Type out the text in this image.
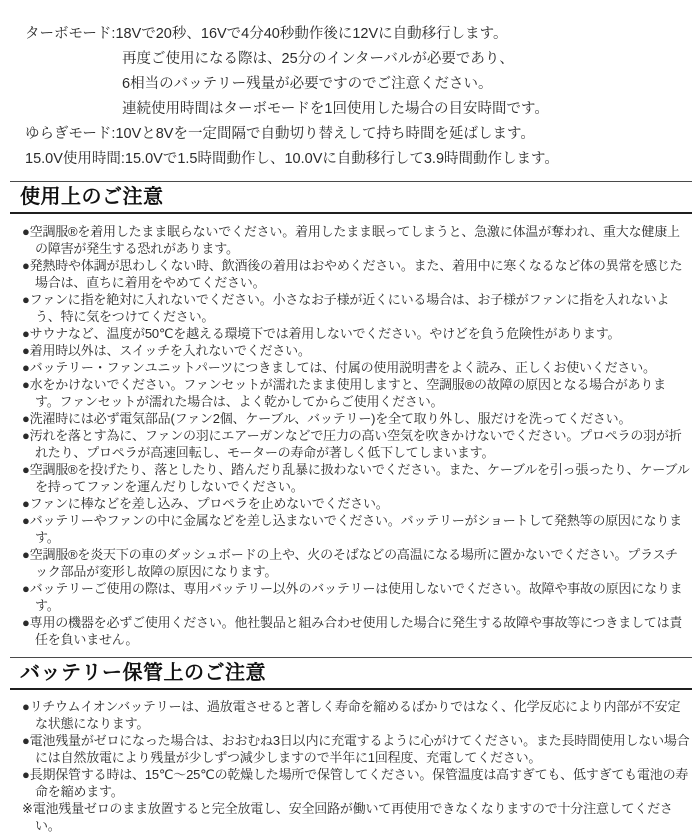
ターボモード:18Vで20秒、16Vで4分40秒動作後に12Vに自動移行します。
再度ご使用になる際は、25分のインターバルが必要であり、
6相当のバッテリー残量が必要ですのでご注意ください。
連続使用時間はターボモードを1回使用した場合の目安時間です。
ゆらぎモード:10Vと8Vを一定間隔で自動切り替えして持ち時間を延ばします。
15.0V使用時間:15.0Vで1.5時間動作し、10.0Vに自動移行して3.9時間動作します。
使用上のご注意
●空調服®を着用したまま眠らないでください。着用したまま眠ってしまうと、急激に体温が奪われ、重大な健康上の障害が発生する恐れがあります。
●発熱時や体調が思わしくない時、飲酒後の着用はおやめください。また、着用中に寒くなるなど体の異常を感じた場合は、直ちに着用をやめてください。
●ファンに指を絶対に入れないでください。小さなお子様が近くにいる場合は、お子様がファンに指を入れないよう、特に気をつけてください。
●サウナなど、温度が50℃を越える環境下では着用しないでください。やけどを負う危険性があります。
●着用時以外は、スイッチを入れないでください。
●バッテリー・ファンユニットパーツにつきましては、付属の使用説明書をよく読み、正しくお使いください。
●水をかけないでください。ファンセットが濡れたまま使用しますと、空調服®の故障の原因となる場合があります。ファンセットが濡れた場合は、よく乾かしてからご使用ください。
●洗濯時には必ず電気部品(ファン2個、ケーブル、バッテリー)を全て取り外し、服だけを洗ってください。
●汚れを落とす為に、ファンの羽にエアーガンなどで圧力の高い空気を吹きかけないでください。プロペラの羽が折れたり、プロペラが高速回転し、モーターの寿命が著しく低下してしまいます。
●空調服®を投げたり、落としたり、踏んだり乱暴に扱わないでください。また、ケーブルを引っ張ったり、ケーブルを持ってファンを運んだりしないでください。
●ファンに棒などを差し込み、プロペラを止めないでください。
●バッテリーやファンの中に金属などを差し込まないでください。バッテリーがショートして発熱等の原因になります。
●空調服®を炎天下の車のダッシュボードの上や、火のそばなどの高温になる場所に置かないでください。プラスチック部品が変形し故障の原因になります。
●バッテリーご使用の際は、専用バッテリー以外のバッテリーは使用しないでください。故障や事故の原因になります。
●専用の機器を必ずご使用ください。他社製品と組み合わせ使用した場合に発生する故障や事故等につきましては責任を負いません。
バッテリー保管上のご注意
●リチウムイオンバッテリーは、過放電させると著しく寿命を縮めるばかりではなく、化学反応により内部が不安定な状態になります。
●電池残量がゼロになった場合は、おおむね3日以内に充電するように心がけてください。また長時間使用しない場合には自然放電により残量が少しずつ減少しますので半年に1回程度、充電してください。
●長期保管する時は、15℃〜25℃の乾燥した場所で保管してください。保管温度は高すぎても、低すぎても電池の寿命を縮めます。
※電池残量ゼロのまま放置すると完全放電し、安全回路が働いて再使用できなくなりますので十分注意してください。
